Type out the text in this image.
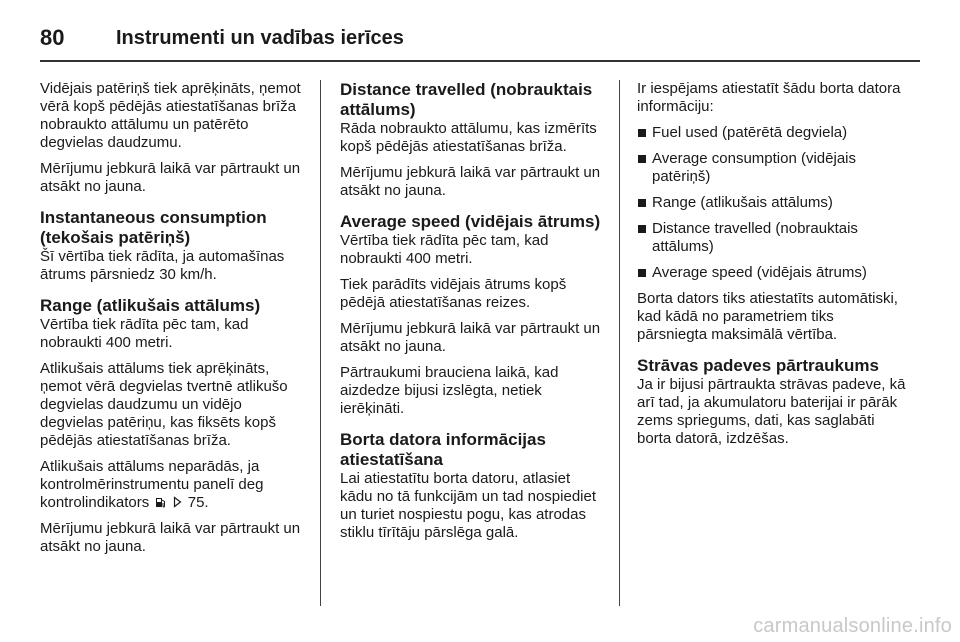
80	Instrumenti un vadības ierīces

Vidējais patēriņš tiek aprēķināts, ņemot vērā kopš pēdējās atiestatīšanas brīža nobraukto attālumu un patērēto degvielas daudzumu.

Mērījumu jebkurā laikā var pārtraukt un atsākt no jauna.

Instantaneous consumption (tekošais patēriņš)

Šī vērtība tiek rādīta, ja automašīnas ātrums pārsniedz 30 km/h.

Range (atlikušais attālums)

Vērtība tiek rādīta pēc tam, kad nobraukti 400 metri.

Atlikušais attālums tiek aprēķināts, ņemot vērā degvielas tvertnē atlikušo degvielas daudzumu un vidējo degvielas patēriņu, kas fiksēts kopš pēdējās atiestatīšanas brīža.

Atlikušais attālums neparādās, ja kontrolmērinstrumentu panelī deg kontrolindikators	75.

Mērījumu jebkurā laikā var pārtraukt un atsākt no jauna.

Distance travelled (nobrauktais attālums)

Rāda nobraukto attālumu, kas izmērīts kopš pēdējās atiestatīšanas brīža.

Mērījumu jebkurā laikā var pārtraukt un atsākt no jauna.

Average speed (vidējais ātrums)

Vērtība tiek rādīta pēc tam, kad nobraukti 400 metri.

Tiek parādīts vidējais ātrums kopš pēdējā atiestatīšanas reizes.

Mērījumu jebkurā laikā var pārtraukt un atsākt no jauna.

Pārtraukumi brauciena laikā, kad aizdedze bijusi izslēgta, netiek ierēķināti.

Borta datora informācijas atiestatīšana

Lai atiestatītu borta datoru, atlasiet kādu no tā funkcijām un tad nospiediet un turiet nospiestu pogu, kas atrodas stiklu tīrītāju pārslēga galā.

Ir iespējams atiestatīt šādu borta datora informāciju:

Fuel used (patērētā degviela)
Average consumption (vidējais patēriņš)
Range (atlikušais attālums)
Distance travelled (nobrauktais attālums)
Average speed (vidējais ātrums)

Borta dators tiks atiestatīts automātiski, kad kādā no parametriem tiks pārsniegta maksimālā vērtība.

Strāvas padeves pārtraukums

Ja ir bijusi pārtraukta strāvas padeve, kā arī tad, ja akumulatoru baterijai ir pārāk zems spriegums, dati, kas saglabāti borta datorā, izdzēšas.

carmanualsonline.info
